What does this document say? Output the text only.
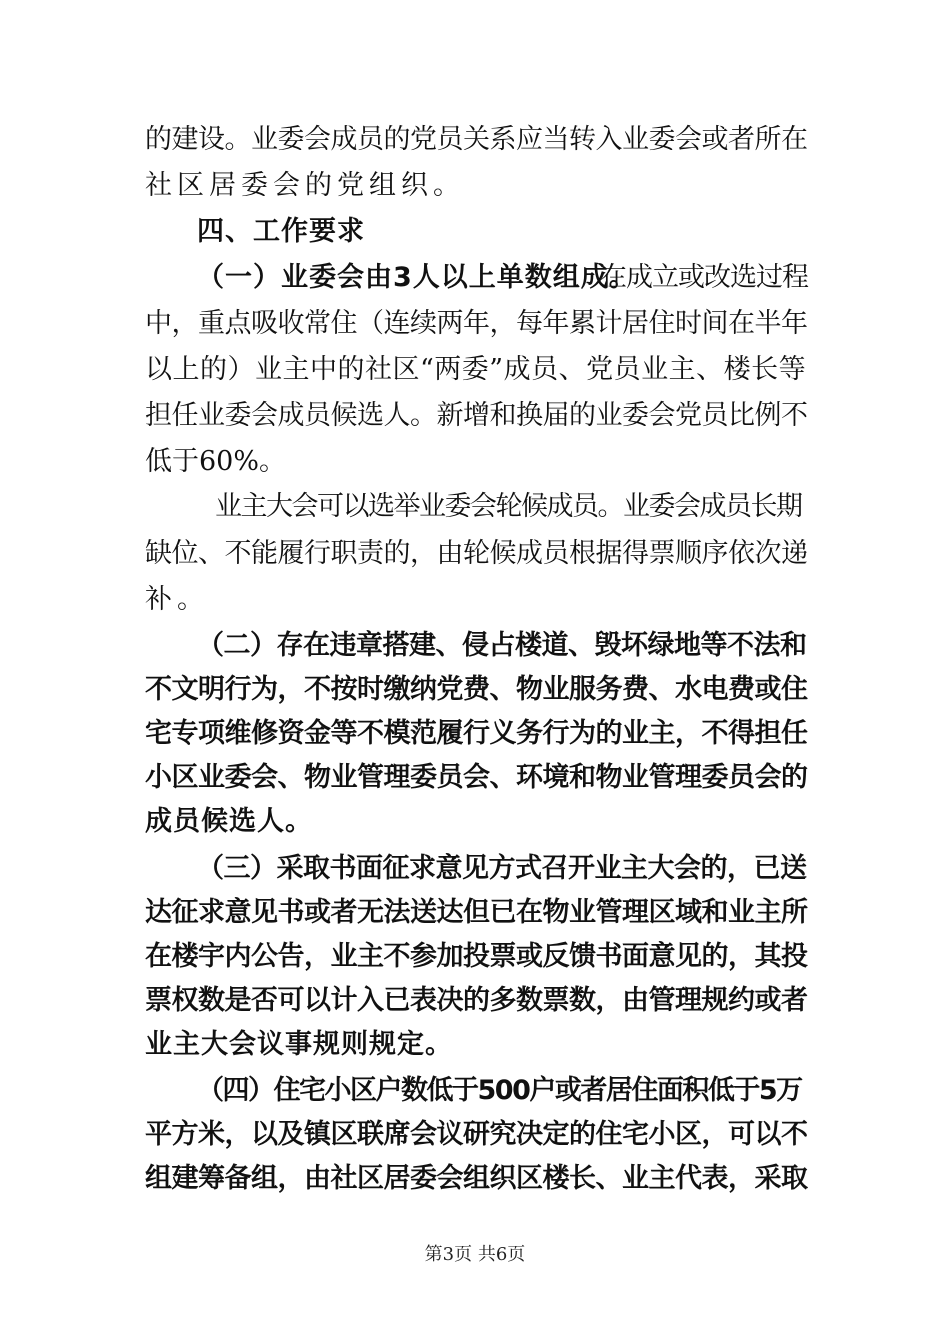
的建设。业委会成员的党员关系应当转入业委会或者所在
社区居委会的党组织。
四、工作要求
（一）业委会由3人以上单数组成。
在成立或改选过程
中，重点吸收常住（连续两年，每年累计居住时间在半年
以上的）业主中的社区“两委”成员、党员业主、楼长等
担任业委会成员候选人。新增和换届的业委会党员比例不
低于60%。
业主大会可以选举业委会轮候成员。业委会成员长期
缺位、不能履行职责的，由轮候成员根据得票顺序依次递
补。
（二）存在违章搭建、侵占楼道、毁坏绿地等不法和
不文明行为，不按时缴纳党费、物业服务费、水电费或住
宅专项维修资金等不模范履行义务行为的业主，不得担任
小区业委会、物业管理委员会、环境和物业管理委员会的
成员候选人。
（三）采取书面征求意见方式召开业主大会的，已送
达征求意见书或者无法送达但已在物业管理区域和业主所
在楼宇内公告，业主不参加投票或反馈书面意见的，其投
票权数是否可以计入已表决的多数票数，由管理规约或者
业主大会议事规则规定。
（四）住宅小区户数低于500户或者居住面积低于5万
平方米，以及镇区联席会议研究决定的住宅小区，可以不
组建筹备组，由社区居委会组织区楼长、业主代表，采取
第3页 共6页
